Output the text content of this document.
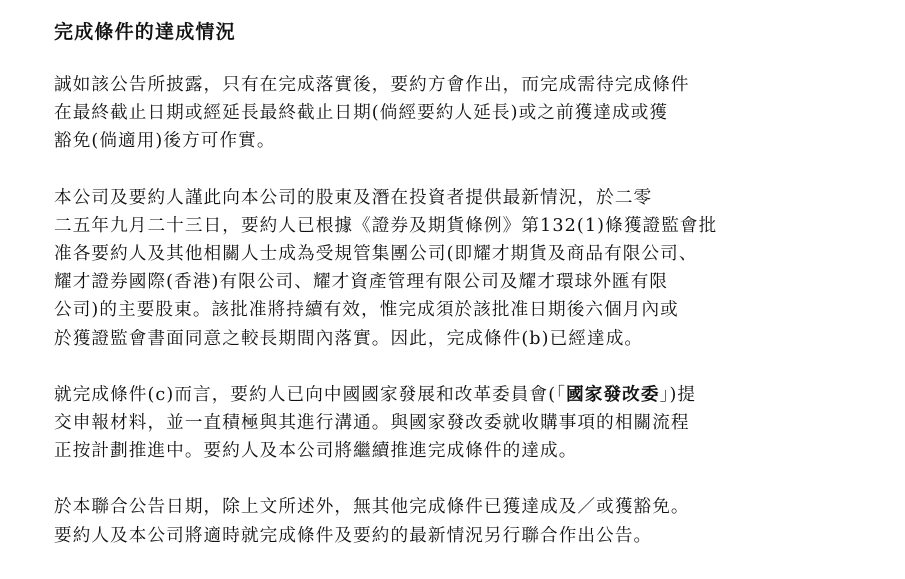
完成條件的達成情況
誠如該公告所披露，只有在完成落實後，要約方會作出，而完成需待完成條件
在最終截止日期或經延長最終截止日期(倘經要約人延長)或之前獲達成或獲
豁免(倘適用)後方可作實。
本公司及要約人謹此向本公司的股東及潛在投資者提供最新情況，於二零
二五年九月二十三日，要約人已根據《證券及期貨條例》第132(1)條獲證監會批
准各要約人及其他相關人士成為受規管集團公司(即耀才期貨及商品有限公司、
耀才證券國際(香港)有限公司、耀才資產管理有限公司及耀才環球外匯有限
公司)的主要股東。該批准將持續有效，惟完成須於該批准日期後六個月內或
於獲證監會書面同意之較長期間內落實。因此，完成條件(b)已經達成。
就完成條件(c)而言，要約人已向中國國家發展和改革委員會(「國家發改委」)提
交申報材料，並一直積極與其進行溝通。與國家發改委就收購事項的相關流程
正按計劃推進中。要約人及本公司將繼續推進完成條件的達成。
於本聯合公告日期，除上文所述外，無其他完成條件已獲達成及／或獲豁免。
要約人及本公司將適時就完成條件及要約的最新情況另行聯合作出公告。
